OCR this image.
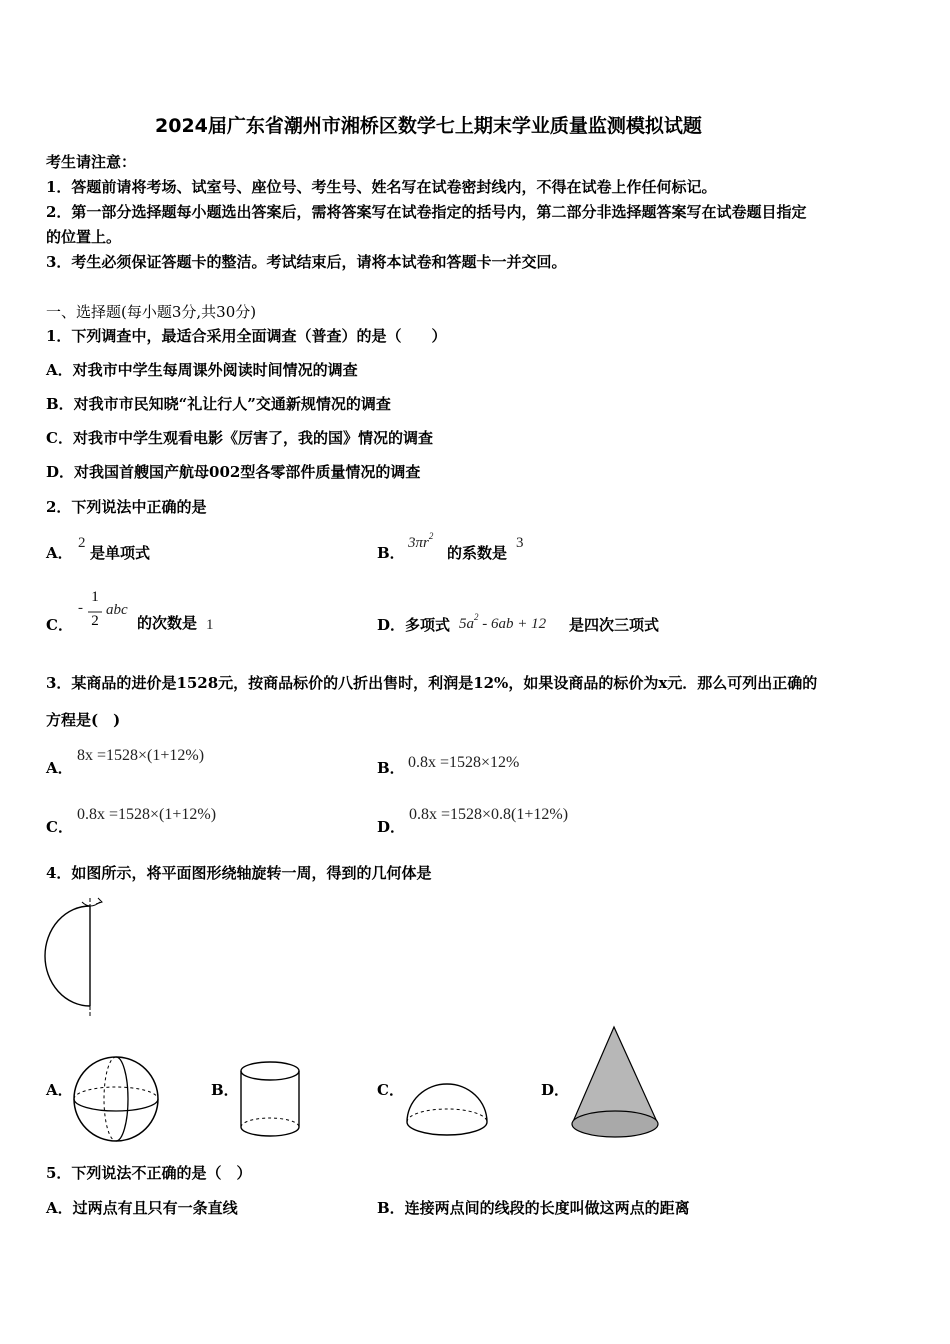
2024届广东省潮州市湘桥区数学七上期末学业质量监测模拟试题
考生请注意：
1．答题前请将考场、试室号、座位号、考生号、姓名写在试卷密封线内，不得在试卷上作任何标记。
2．第一部分选择题每小题选出答案后，需将答案写在试卷指定的括号内，第二部分非选择题答案写在试卷题目指定
的位置上。
3．考生必须保证答题卡的整洁。考试结束后，请将本试卷和答题卡一并交回。
一、选择题(每小题3分,共30分)
1．下列调查中，最适合采用全面调查（普查）的是（　　）
A．对我市中学生每周课外阅读时间情况的调查
B．对我市市民知晓“礼让行人”交通新规情况的调查
C．对我市中学生观看电影《厉害了，我的国》情况的调查
D．对我国首艘国产航母002型各零部件质量情况的调查
2．下列说法中正确的是
A．
2
是单项式	B．
$3\pi r^2$
的系数是
3
C．
-
1
2
abc
的次数是 1	D．多项式 $5a^2 - 6ab + 12$ 是四次三项式
3．某商品的进价是1528元，按商品标价的八折出售时，利润是12%，如果设商品的标价为x元．那么可列出正确的
方程是(　)
A．
8x =1528×(1+12%)
B． 0.8x =1528×12%
C．
0.8x =1528×(1+12%)
D．
0.8x =1528×0.8(1+12%)
4．如图所示，将平面图形绕轴旋转一周，得到的几何体是
A．	B．	C．	D．
5．下列说法不正确的是（　）
A．过两点有且只有一条直线	B．连接两点间的线段的长度叫做这两点的距离
